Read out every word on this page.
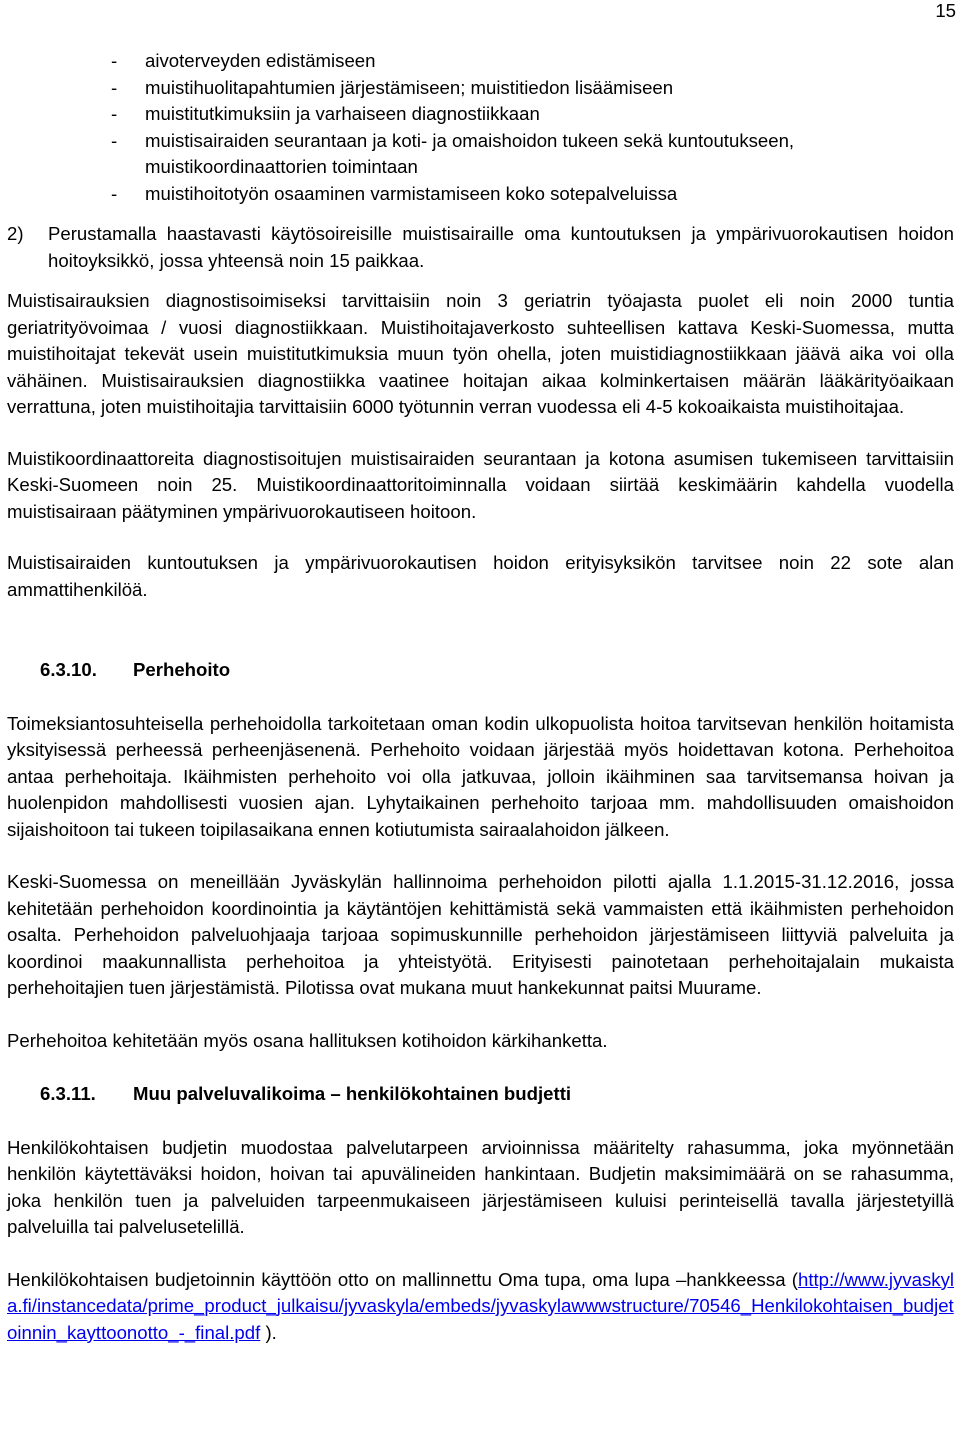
15
- aivoterveyden edistämiseen
- muistihuolitapahtumien järjestämiseen; muistitiedon lisäämiseen
- muistitutkimuksiin ja varhaiseen diagnostiikkaan
- muistisairaiden seurantaan ja koti- ja omaishoidon tukeen sekä kuntoutukseen, muistikoordinaattorien toimintaan
- muistihoitotyön osaaminen varmistamiseen koko sotepalveluissa
2)	Perustamalla haastavasti käytösoireisille muistisairaille oma kuntoutuksen ja ympärivuorokautisen hoidon hoitoyksikkö, jossa yhteensä noin 15 paikkaa.

Muistisairauksien diagnostisoimiseksi tarvittaisiin noin 3 geriatrin työajasta puolet eli noin 2000 tuntia geriatrityövoimaa / vuosi diagnostiikkaan. Muistihoitajaverkosto suhteellisen kattava Keski-Suomessa, mutta muistihoitajat tekevät usein muistitutkimuksia muun työn ohella, joten muistidiagnostiikkaan jäävä aika voi olla vähäinen. Muistisairauksien diagnostiikka vaatinee hoitajan aikaa kolminkertaisen määrän lääkärityöaikaan verrattuna, joten muistihoitajia tarvittaisiin 6000 työtunnin verran vuodessa eli 4-5 kokoaikaista muistihoitajaa.

Muistikoordinaattoreita diagnostisoitujen muistisairaiden seurantaan ja kotona asumisen tukemiseen tarvittaisiin Keski-Suomeen noin 25. Muistikoordinaattoritoiminnalla voidaan siirtää keskimäärin kahdella vuodella muistisairaan päätyminen ympärivuorokautiseen hoitoon.

Muistisairaiden kuntoutuksen ja ympärivuorokautisen hoidon erityisyksikön tarvitsee noin 22 sote alan ammattihenkilöä.

6.3.10.	Perhehoito

Toimeksiantosuhteisella perhehoidolla tarkoitetaan oman kodin ulkopuolista hoitoa tarvitsevan henkilön hoitamista yksityisessä perheessä perheenjäsenenä. Perhehoito voidaan järjestää myös hoidettavan kotona. Perhehoitoa antaa perhehoitaja. Ikäihmisten perhehoito voi olla jatkuvaa, jolloin ikäihminen saa tarvitsemansa hoivan ja huolenpidon mahdollisesti vuosien ajan. Lyhytaikainen perhehoito tarjoaa mm. mahdollisuuden omaishoidon sijaishoitoon tai tukeen toipilasaikana ennen kotiutumista sairaalahoidon jälkeen.

Keski-Suomessa on meneillään Jyväskylän hallinnoima perhehoidon pilotti ajalla 1.1.2015-31.12.2016, jossa kehitetään perhehoidon koordinointia ja käytäntöjen kehittämistä sekä vammaisten että ikäihmisten perhehoidon osalta. Perhehoidon palveluohjaaja tarjoaa sopimuskunnille perhehoidon järjestämiseen liittyviä palveluita ja koordinoi maakunnallista perhehoitoa ja yhteistyötä. Erityisesti painotetaan perhehoitajalain mukaista perhehoitajien tuen järjestämistä. Pilotissa ovat mukana muut hankekunnat paitsi Muurame.

Perhehoitoa kehitetään myös osana hallituksen kotihoidon kärkihanketta.

6.3.11.	Muu palveluvalikoima – henkilökohtainen budjetti

Henkilökohtaisen budjetin muodostaa palvelutarpeen arvioinnissa määritelty rahasumma, joka myönnetään henkilön käytettäväksi hoidon, hoivan tai apuvälineiden hankintaan. Budjetin maksimimäärä on se rahasumma, joka henkilön tuen ja palveluiden tarpeenmukaiseen järjestämiseen kuluisi perinteisellä tavalla järjestetyillä palveluilla tai palvelusetelillä.

Henkilökohtaisen budjetoinnin käyttöön otto on mallinnettu Oma tupa, oma lupa –hankkeessa (http://www.jyvaskyla.fi/instancedata/prime_product_julkaisu/jyvaskyla/embeds/jyvaskylawwwstructure/70546_Henkilokohtaisen_budjetoinnin_kayttoonotto_-_final.pdf ).
